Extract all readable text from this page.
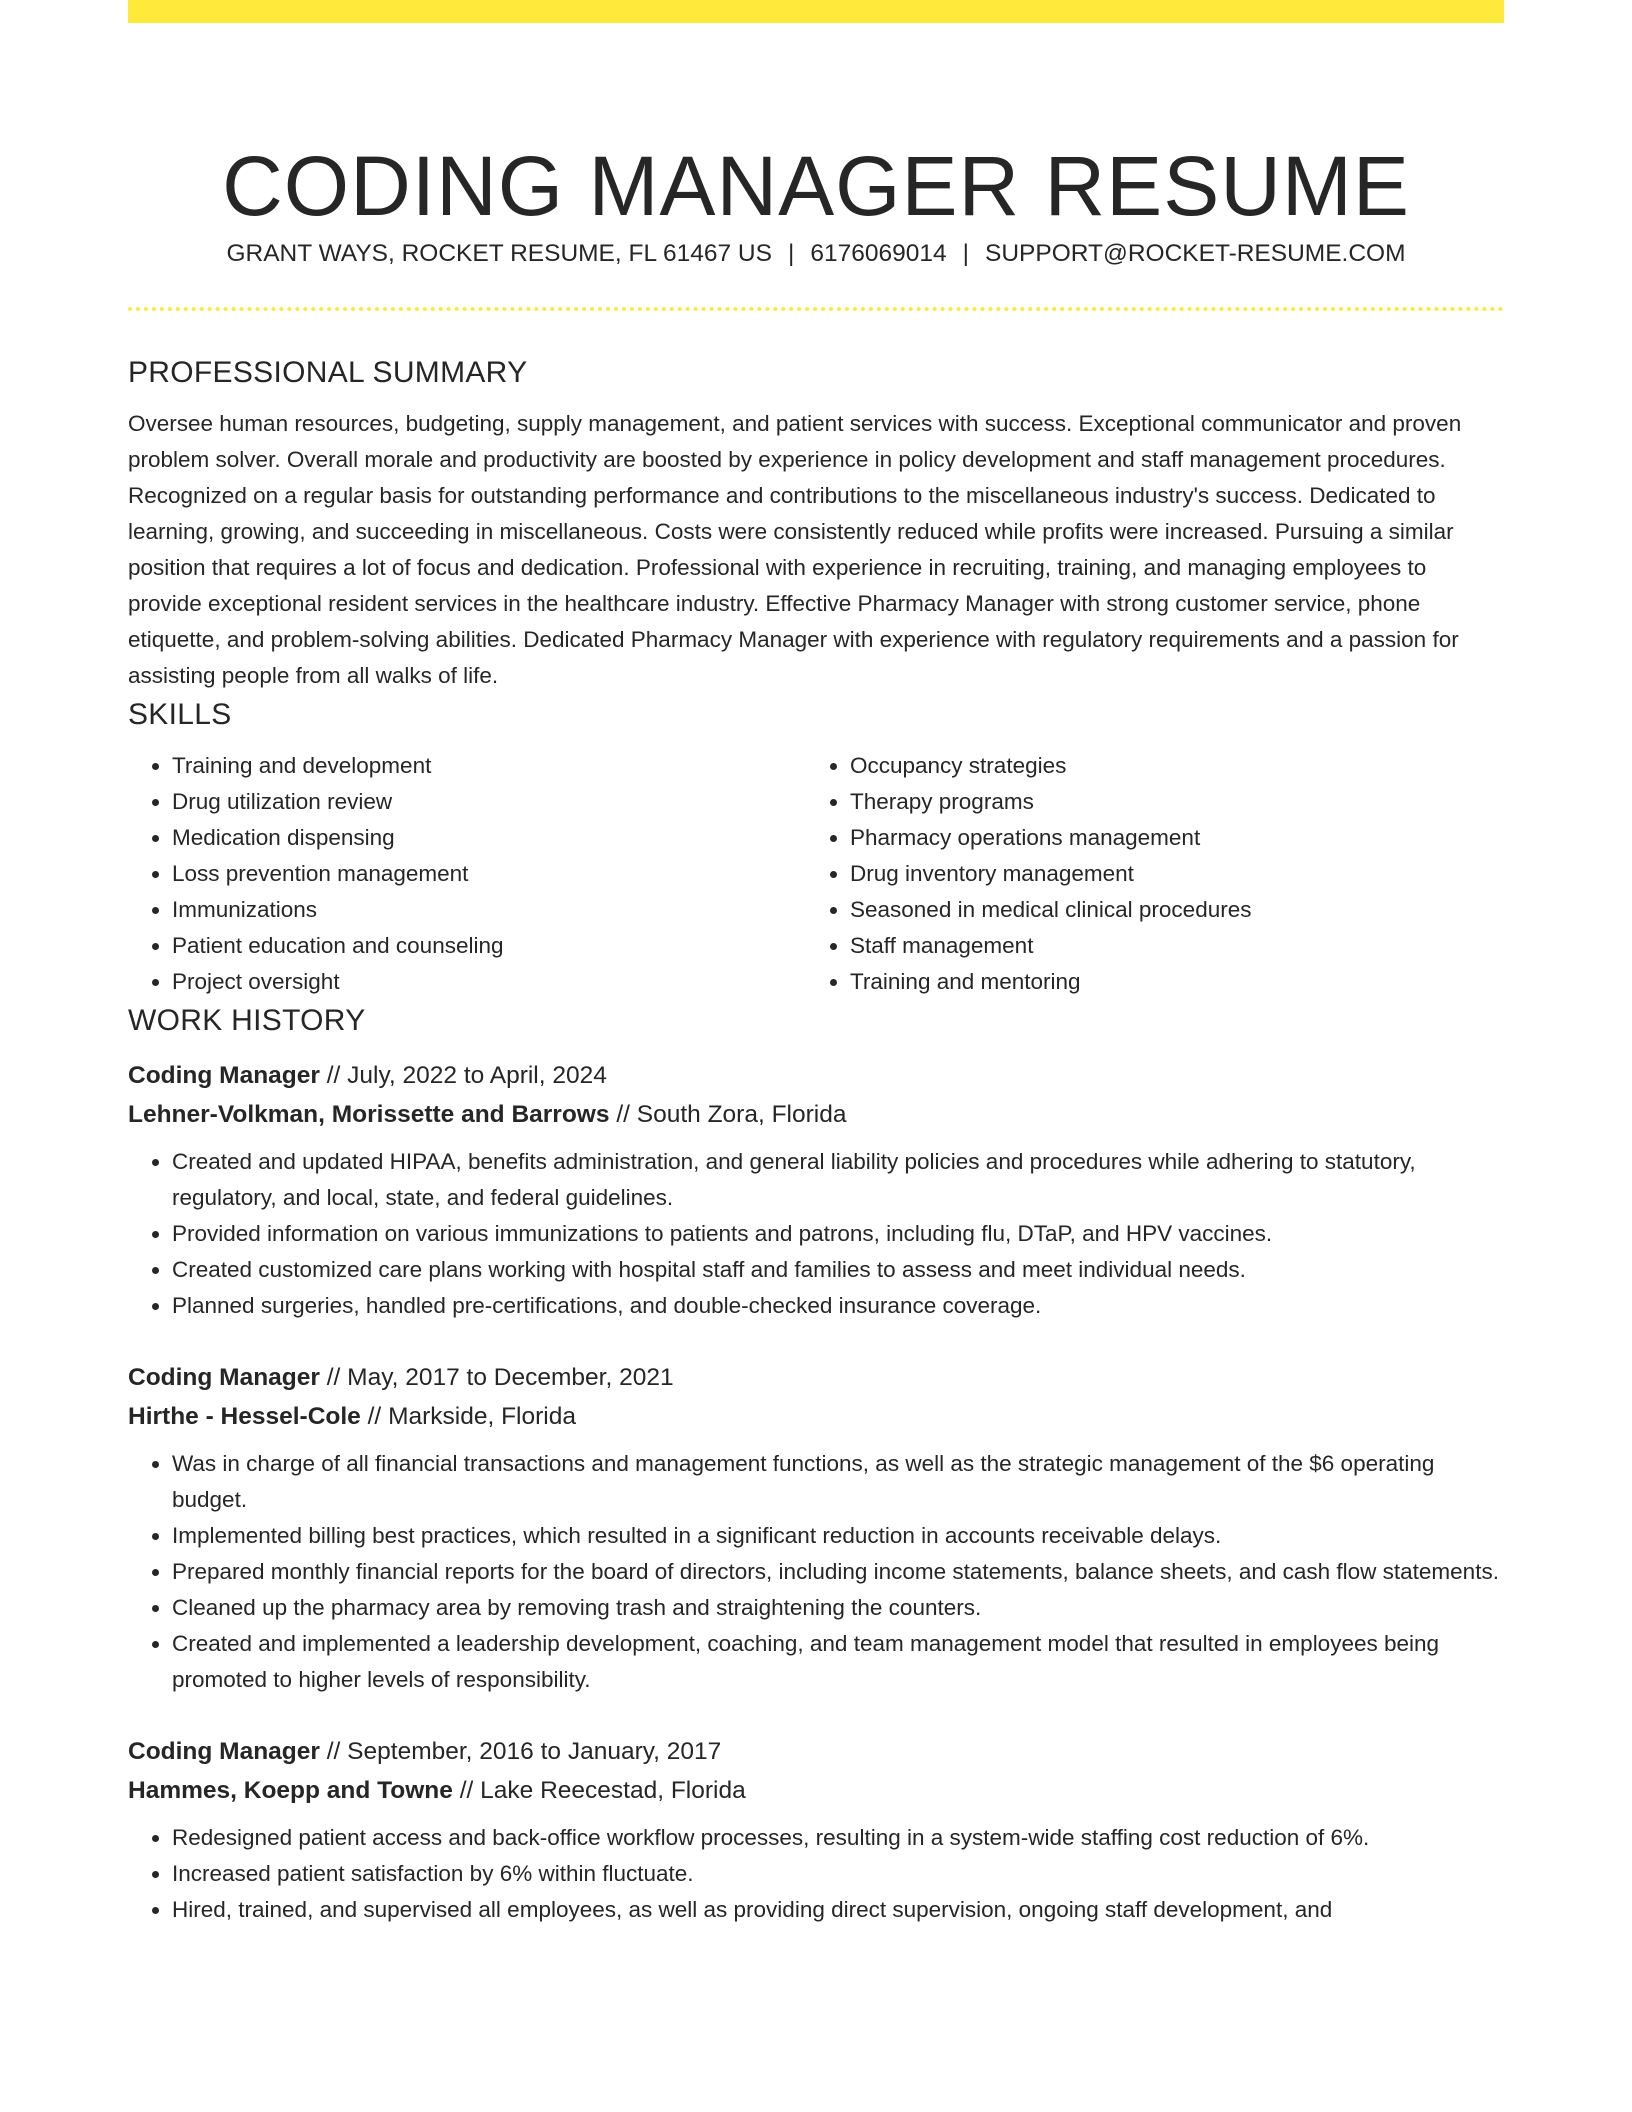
CODING MANAGER RESUME
GRANT WAYS, ROCKET RESUME, FL 61467 US | 6176069014 | SUPPORT@ROCKET-RESUME.COM
PROFESSIONAL SUMMARY

Oversee human resources, budgeting, supply management, and patient services with success. Exceptional communicator and proven problem solver. Overall morale and productivity are boosted by experience in policy development and staff management procedures. Recognized on a regular basis for outstanding performance and contributions to the miscellaneous industry's success. Dedicated to learning, growing, and succeeding in miscellaneous. Costs were consistently reduced while profits were increased. Pursuing a similar position that requires a lot of focus and dedication. Professional with experience in recruiting, training, and managing employees to provide exceptional resident services in the healthcare industry. Effective Pharmacy Manager with strong customer service, phone etiquette, and problem-solving abilities. Dedicated Pharmacy Manager with experience with regulatory requirements and a passion for assisting people from all walks of life.

SKILLS
• Training and development
• Drug utilization review
• Medication dispensing
• Loss prevention management
• Immunizations
• Patient education and counseling
• Project oversight
• Occupancy strategies
• Therapy programs
• Pharmacy operations management
• Drug inventory management
• Seasoned in medical clinical procedures
• Staff management
• Training and mentoring
WORK HISTORY
Coding Manager // July, 2022 to April, 2024
Lehner-Volkman, Morissette and Barrows // South Zora, Florida
• Created and updated HIPAA, benefits administration, and general liability policies and procedures while adhering to statutory, regulatory, and local, state, and federal guidelines.
• Provided information on various immunizations to patients and patrons, including flu, DTaP, and HPV vaccines.
• Created customized care plans working with hospital staff and families to assess and meet individual needs.
• Planned surgeries, handled pre-certifications, and double-checked insurance coverage.
Coding Manager // May, 2017 to December, 2021
Hirthe - Hessel-Cole // Markside, Florida
• Was in charge of all financial transactions and management functions, as well as the strategic management of the $6 operating budget.
• Implemented billing best practices, which resulted in a significant reduction in accounts receivable delays.
• Prepared monthly financial reports for the board of directors, including income statements, balance sheets, and cash flow statements.
• Cleaned up the pharmacy area by removing trash and straightening the counters.
• Created and implemented a leadership development, coaching, and team management model that resulted in employees being promoted to higher levels of responsibility.
Coding Manager // September, 2016 to January, 2017
Hammes, Koepp and Towne // Lake Reecestad, Florida
• Redesigned patient access and back-office workflow processes, resulting in a system-wide staffing cost reduction of 6%.
• Increased patient satisfaction by 6% within fluctuate.
• Hired, trained, and supervised all employees, as well as providing direct supervision, ongoing staff development, and
